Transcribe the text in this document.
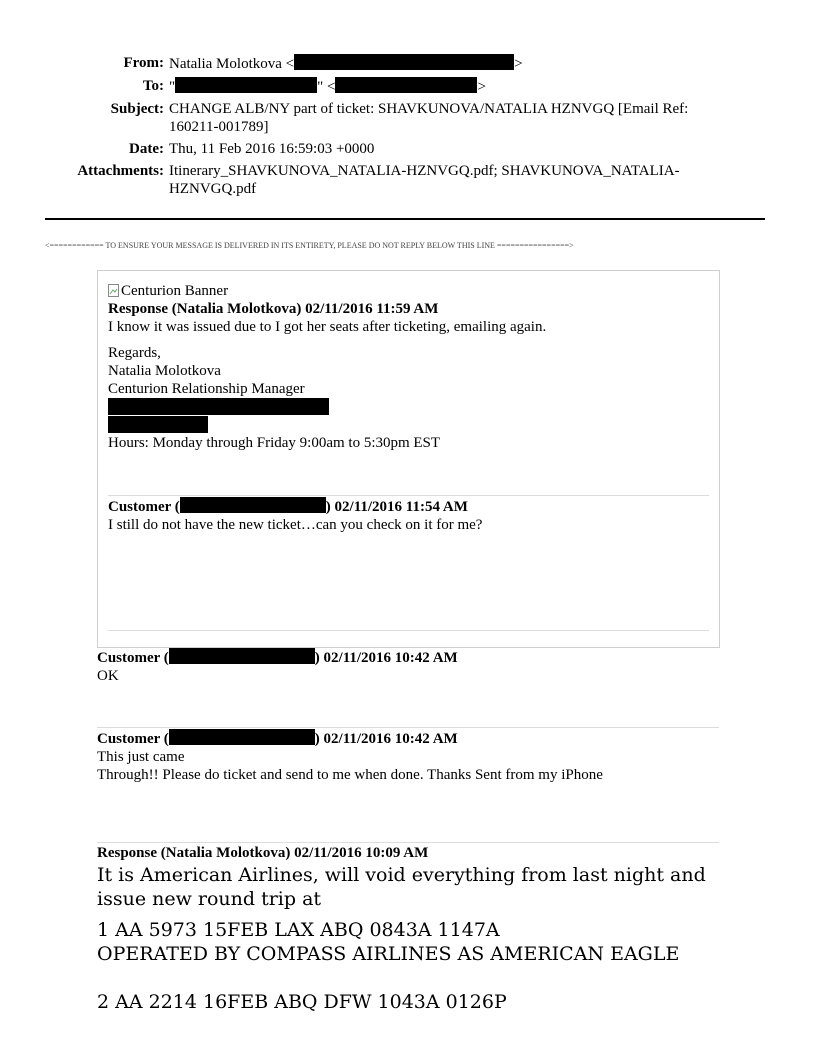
From: Natalia Molotkova <	>
To: "	" <	>
Subject: CHANGE ALB/NY part of ticket: SHAVKUNOVA/NATALIA HZNVGQ [Email Ref: 160211-001789]
Date: Thu, 11 Feb 2016 16:59:03 +0000
Attachments: Itinerary_SHAVKUNOVA_NATALIA-HZNVGQ.pdf; SHAVKUNOVA_NATALIA-HZNVGQ.pdf
<============ TO ENSURE YOUR MESSAGE IS DELIVERED IN ITS ENTIRETY, PLEASE DO NOT REPLY BELOW THIS LINE ================>
Centurion Banner
Response (Natalia Molotkova) 02/11/2016 11:59 AM
I know it was issued due to I got her seats after ticketing, emailing again.
Regards,
Natalia Molotkova
Centurion Relationship Manager
Hours: Monday through Friday 9:00am to 5:30pm EST
Customer (	) 02/11/2016 11:54 AM
I still do not have the new ticket…can you check on it for me?
Customer (	) 02/11/2016 10:42 AM
OK
Customer (	) 02/11/2016 10:42 AM
This just came
Through!! Please do ticket and send to me when done. Thanks Sent from my iPhone
Response (Natalia Molotkova) 02/11/2016 10:09 AM
It is American Airlines, will void everything from last night and issue new round trip at
1 AA 5973 15FEB LAX ABQ 0843A 1147A
OPERATED BY COMPASS AIRLINES AS AMERICAN EAGLE
2 AA 2214 16FEB ABQ DFW 1043A 0126P
